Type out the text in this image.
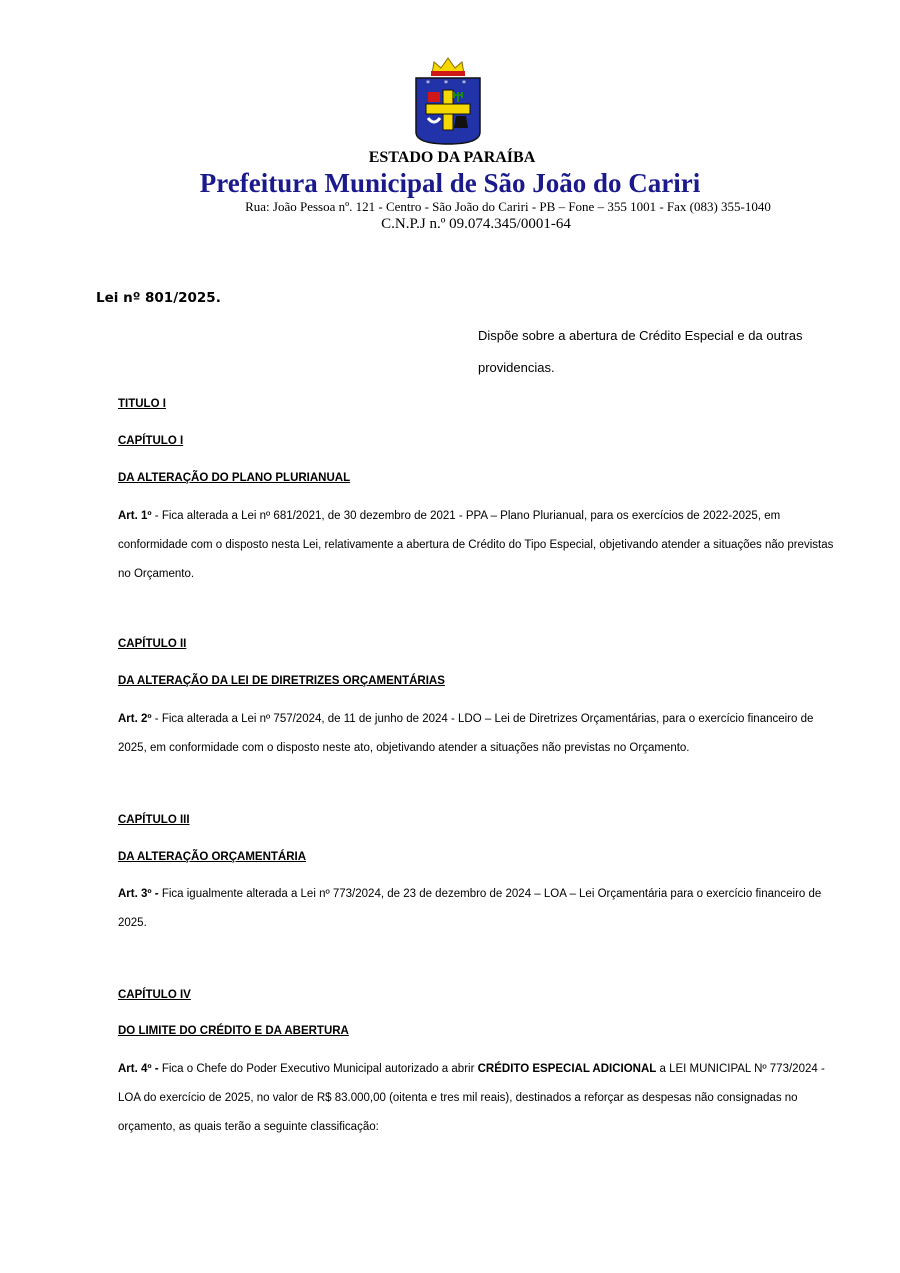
* * *
ESTADO DA PARAÍBA
Prefeitura Municipal de São João do Cariri
Rua: João Pessoa nº. 121 - Centro - São João do Cariri - PB – Fone – 355 1001 - Fax (083) 355-1040
C.N.P.J n.º 09.074.345/0001-64
Lei nº 801/2025.
Dispõe sobre a abertura de Crédito Especial e da outras providencias.
TITULO I
CAPÍTULO I
DA ALTERAÇÃO DO PLANO PLURIANUAL
Art. 1º - Fica alterada a Lei nº 681/2021, de 30 dezembro de 2021 - PPA – Plano Plurianual, para os exercícios de 2022-2025, em conformidade com o disposto nesta Lei, relativamente a abertura de Crédito do Tipo Especial, objetivando atender a situações não previstas no Orçamento.
CAPÍTULO II
DA ALTERAÇÃO DA LEI DE DIRETRIZES ORÇAMENTÁRIAS
Art. 2º - Fica alterada a Lei nº 757/2024, de 11 de junho de 2024 - LDO – Lei de Diretrizes Orçamentárias, para o exercício financeiro de 2025, em conformidade com o disposto neste ato, objetivando atender a situações não previstas no Orçamento.
CAPÍTULO III
DA ALTERAÇÃO ORÇAMENTÁRIA
Art. 3º - Fica igualmente alterada a Lei nº 773/2024, de 23 de dezembro de 2024 – LOA – Lei Orçamentária para o exercício financeiro de 2025.
CAPÍTULO IV
DO LIMITE DO CRÉDITO E DA ABERTURA
Art. 4º - Fica o Chefe do Poder Executivo Municipal autorizado a abrir CRÉDITO ESPECIAL ADICIONAL a LEI MUNICIPAL Nº 773/2024 - LOA do exercício de 2025, no valor de R$ 83.000,00 (oitenta e tres mil reais), destinados a reforçar as despesas não consignadas no orçamento, as quais terão a seguinte classificação:
